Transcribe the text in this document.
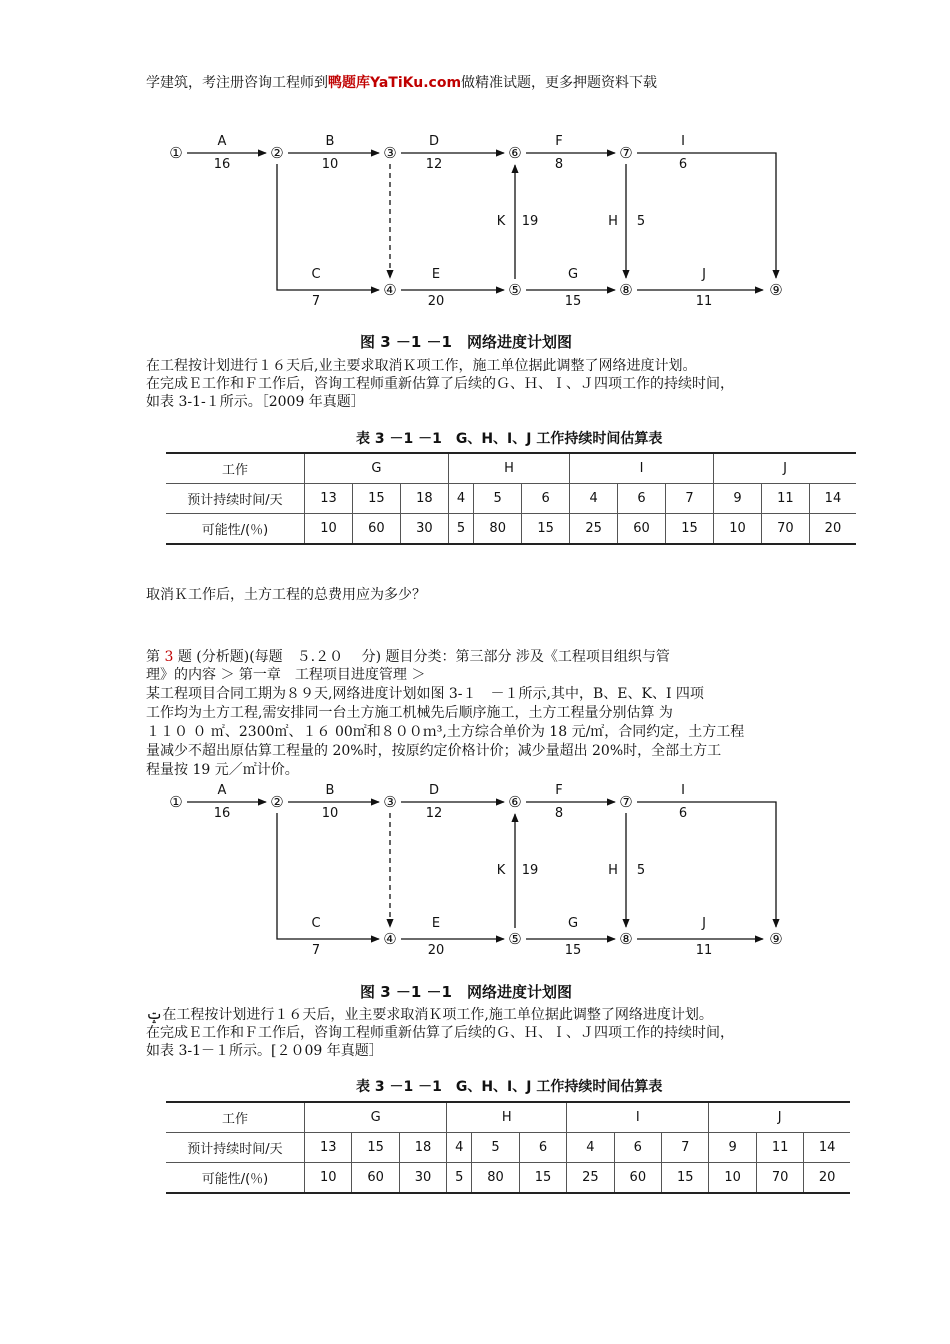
学建筑，考注册咨询工程师到鸭题库YaTiKu.com做精准试题，更多押题资料下载
①	②	③
④	⑤
⑥	⑦
⑧	⑨
A
16
B
10
D
12
F
8
I
6
K 19	H 5
C
7
E
20
G
15
J
11
图 3 －1 －1　网络进度计划图
在工程按计划进行１６天后,业主要求取消Ｋ项工作，施工单位据此调整了网络进度计划。
在完成Ｅ工作和Ｆ工作后，咨询工程师重新估算了后续的Ｇ、Ｈ、Ｉ、Ｊ四项工作的持续时间，
如表 3-1-１所示。［2009 年真题］
表 3 －1 －1　G、H、I、J 工作持续时间估算表
工作	G			H			I			J		
预计持续时间/天	13	15	18	4	5	6	4	6	7	9	11	14
可能性/(％)	10	60	30	5	80	15	25	60	15	10	70	20
取消Ｋ工作后，土方工程的总费用应为多少？
第 3 题 (分析题)(每题　５.２０　 分) 题目分类：第三部分 涉及《工程项目组织与管
理》的内容 ＞ 第一章　工程项目进度管理 ＞
某工程项目合同工期为８９天,网络进度计划如图 3-１　－１所示,其中，B、E、K、I 四项
工作均为土方工程,需安排同一台土方施工机械先后顺序施工，土方工程量分别估算 为
１１０ ０ ㎡、2300㎡、１６ 00㎡和８００ｍ³,土方综合单价为 18 元/㎡，合同约定，土方工程
量减少不超出原估算工程量的 20%时，按原约定价格计价；减少量超出 20%时，全部土方工
程量按 19 元／㎡计价。
①	②	③
④	⑤
⑥	⑦
⑧	⑨
A
16
B
10
D
12
F
8
I
6
K 19	H 5
C
7
E
20
G
15
J
11
图 3 －1 －1　网络进度计划图
ݓ在工程按计划进行１６天后，业主要求取消Ｋ项工作,施工单位据此调整了网络进度计划。
在完成Ｅ工作和Ｆ工作后，咨询工程师重新估算了后续的Ｇ、Ｈ、Ｉ、Ｊ四项工作的持续时间，
如表 3-1－１所示。[２０09 年真题］
表 3 －1 －1　G、H、I、J 工作持续时间估算表
工作	G			H			I			J		
预计持续时间/天	13	15	18	4	5	6	4	6	7	9	11	14
可能性/(％)	10	60	30	5	80	15	25	60	15	10	70	20
